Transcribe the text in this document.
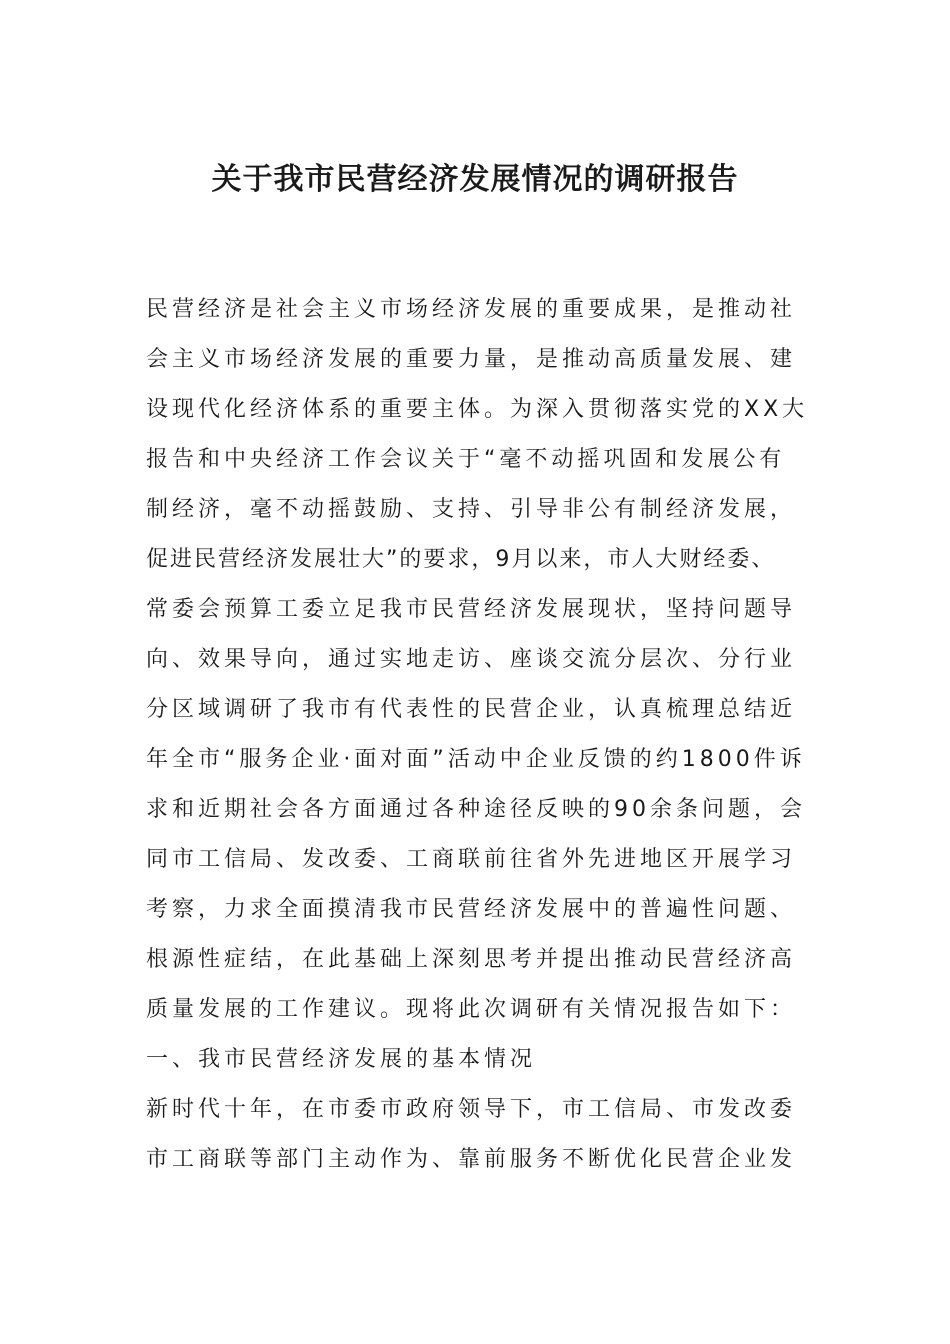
关于我市民营经济发展情况的调研报告

民营经济是社会主义市场经济发展的重要成果，是推动社

会主义市场经济发展的重要力量，是推动高质量发展、建

设现代化经济体系的重要主体。为深入贯彻落实党的XX大

报告和中央经济工作会议关于“毫不动摇巩固和发展公有

制经济，毫不动摇鼓励、支持、引导非公有制经济发展，

促进民营经济发展壮大”的要求，9月以来，市人大财经委、

常委会预算工委立足我市民营经济发展现状，坚持问题导

向、效果导向，通过实地走访、座谈交流分层次、分行业

分区域调研了我市有代表性的民营企业，认真梳理总结近

年全市“服务企业·面对面”活动中企业反馈的约1800件诉

求和近期社会各方面通过各种途径反映的90余条问题，会

同市工信局、发改委、工商联前往省外先进地区开展学习

考察，力求全面摸清我市民营经济发展中的普遍性问题、

根源性症结，在此基础上深刻思考并提出推动民营经济高

质量发展的工作建议。现将此次调研有关情况报告如下：

一、我市民营经济发展的基本情况

新时代十年，在市委市政府领导下，市工信局、市发改委

市工商联等部门主动作为、靠前服务不断优化民营企业发
